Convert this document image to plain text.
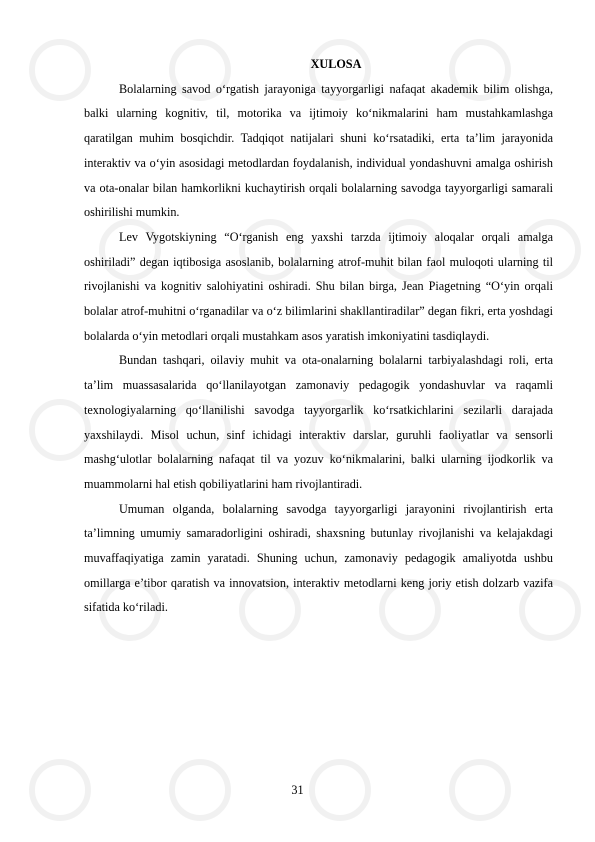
XULOSA

Bolalarning savod o‘rgatish jarayoniga tayyorgarligi nafaqat akademik bilim olishga, balki ularning kognitiv, til, motorika va ijtimoiy ko‘nikmalarini ham mustahkamlashga qaratilgan muhim bosqichdir. Tadqiqot natijalari shuni ko‘rsatadiki, erta ta’lim jarayonida interaktiv va o‘yin asosidagi metodlardan foydalanish, individual yondashuvni amalga oshirish va ota-onalar bilan hamkorlikni kuchaytirish orqali bolalarning savodga tayyorgarligi samarali oshirilishi mumkin.

Lev Vygotskiyning “O‘rganish eng yaxshi tarzda ijtimoiy aloqalar orqali amalga oshiriladi” degan iqtibosiga asoslanib, bolalarning atrof-muhit bilan faol muloqoti ularning til rivojlanishi va kognitiv salohiyatini oshiradi. Shu bilan birga, Jean Piagetning “O‘yin orqali bolalar atrof-muhitni o‘rganadilar va o‘z bilimlarini shakllantiradilar” degan fikri, erta yoshdagi bolalarda o‘yin metodlari orqali mustahkam asos yaratish imkoniyatini tasdiqlaydi.

Bundan tashqari, oilaviy muhit va ota-onalarning bolalarni tarbiyalashdagi roli, erta ta’lim muassasalarida qo‘llanilayotgan zamonaviy pedagogik yondashuvlar va raqamli texnologiyalarning qo‘llanilishi savodga tayyorgarlik ko‘rsatkichlarini sezilarli darajada yaxshilaydi. Misol uchun, sinf ichidagi interaktiv darslar, guruhli faoliyatlar va sensorli mashg‘ulotlar bolalarning nafaqat til va yozuv ko‘nikmalarini, balki ularning ijodkorlik va muammolarni hal etish qobiliyatlarini ham rivojlantiradi.

Umuman olganda, bolalarning savodga tayyorgarligi jarayonini rivojlantirish erta ta’limning umumiy samaradorligini oshiradi, shaxsning butunlay rivojlanishi va kelajakdagi muvaffaqiyatiga zamin yaratadi. Shuning uchun, zamonaviy pedagogik amaliyotda ushbu omillarga e’tibor qaratish va innovatsion, interaktiv metodlarni keng joriy etish dolzarb vazifa sifatida ko‘riladi.

31
